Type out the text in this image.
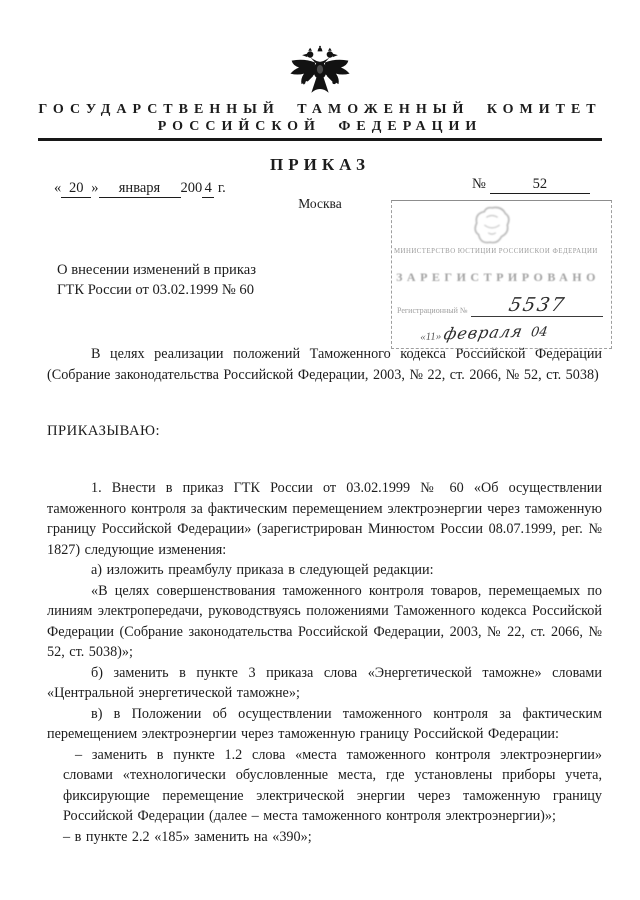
ГОСУДАРСТВЕННЫЙ ТАМОЖЕННЫЙ КОМИТЕТ
РОССИЙСКОЙ ФЕДЕРАЦИИ
ПРИКАЗ
« 20 » января 200 4 г.	№	52
Москва
МИНИСТЕРСТВО ЮСТИЦИИ РОССИЙСКОЙ ФЕДЕРАЦИИ
ЗАРЕГИСТРИРОВАНО
Регистрационный №	5537
«11» февраля 04
О внесении изменений в приказ
ГТК России от 03.02.1999 № 60

В целях реализации положений Таможенного кодекса Российской Федерации (Собрание законодательства Российской Федерации, 2003, № 22, ст. 2066, № 52, ст. 5038)

ПРИКАЗЫВАЮ:

1. Внести в приказ ГТК России от 03.02.1999 № 60 «Об осуществлении таможенного контроля за фактическим перемещением электроэнергии через таможенную границу Российской Федерации» (зарегистрирован Минюстом России 08.07.1999, рег. № 1827) следующие изменения:

а) изложить преамбулу приказа в следующей редакции:

«В целях совершенствования таможенного контроля товаров, перемещаемых по линиям электропередачи, руководствуясь положениями Таможенного кодекса Российской Федерации (Собрание законодательства Российской Федерации, 2003, № 22, ст. 2066, № 52, ст. 5038)»;

б) заменить в пункте 3 приказа слова «Энергетической таможне» словами «Центральной энергетической таможне»;

в) в Положении об осуществлении таможенного контроля за фактическим перемещением электроэнергии через таможенную границу Российской Федерации:

– заменить в пункте 1.2 слова «места таможенного контроля электроэнергии» словами «технологически обусловленные места, где установлены приборы учета, фиксирующие перемещение электрической энергии через таможенную границу Российской Федерации (далее – места таможенного контроля электроэнергии)»;

– в пункте 2.2 «185» заменить на «390»;
